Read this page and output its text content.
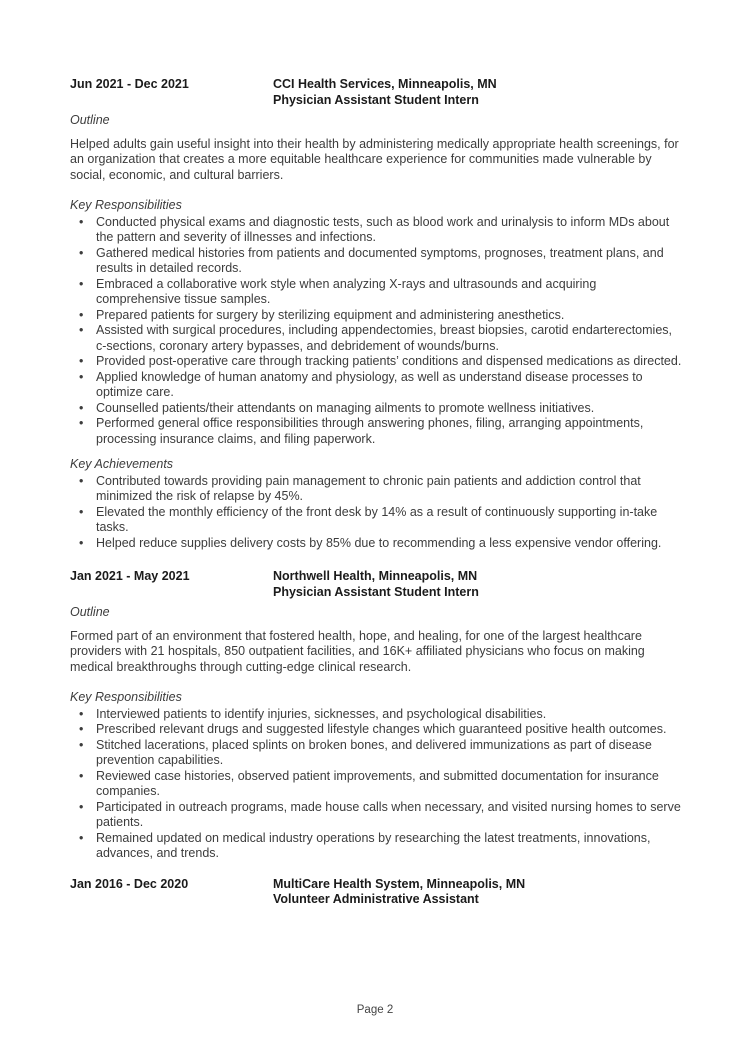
Jun 2021 - Dec 2021	CCI Health Services, Minneapolis, MN
Physician Assistant Student Intern
Outline

Helped adults gain useful insight into their health by administering medically appropriate health screenings, for an organization that creates a more equitable healthcare experience for communities made vulnerable by social, economic, and cultural barriers.

Key Responsibilities
• Conducted physical exams and diagnostic tests, such as blood work and urinalysis to inform MDs about the pattern and severity of illnesses and infections.
• Gathered medical histories from patients and documented symptoms, prognoses, treatment plans, and results in detailed records.
• Embraced a collaborative work style when analyzing X-rays and ultrasounds and acquiring comprehensive tissue samples.
• Prepared patients for surgery by sterilizing equipment and administering anesthetics.
• Assisted with surgical procedures, including appendectomies, breast biopsies, carotid endarterectomies, c-sections, coronary artery bypasses, and debridement of wounds/burns.
• Provided post-operative care through tracking patients’ conditions and dispensed medications as directed.
• Applied knowledge of human anatomy and physiology, as well as understand disease processes to optimize care.
• Counselled patients/their attendants on managing ailments to promote wellness initiatives.
• Performed general office responsibilities through answering phones, filing, arranging appointments, processing insurance claims, and filing paperwork.
Key Achievements
• Contributed towards providing pain management to chronic pain patients and addiction control that minimized the risk of relapse by 45%.
• Elevated the monthly efficiency of the front desk by 14% as a result of continuously supporting in-take tasks.
• Helped reduce supplies delivery costs by 85% due to recommending a less expensive vendor offering.
Jan 2021 - May 2021	Northwell Health, Minneapolis, MN
Physician Assistant Student Intern
Outline

Formed part of an environment that fostered health, hope, and healing, for one of the largest healthcare providers with 21 hospitals, 850 outpatient facilities, and 16K+ affiliated physicians who focus on making medical breakthroughs through cutting-edge clinical research.

Key Responsibilities
• Interviewed patients to identify injuries, sicknesses, and psychological disabilities.
• Prescribed relevant drugs and suggested lifestyle changes which guaranteed positive health outcomes.
• Stitched lacerations, placed splints on broken bones, and delivered immunizations as part of disease prevention capabilities.
• Reviewed case histories, observed patient improvements, and submitted documentation for insurance companies.
• Participated in outreach programs, made house calls when necessary, and visited nursing homes to serve patients.
• Remained updated on medical industry operations by researching the latest treatments, innovations, advances, and trends.
Jan 2016 - Dec 2020	MultiCare Health System, Minneapolis, MN
Volunteer Administrative Assistant
Page 2
